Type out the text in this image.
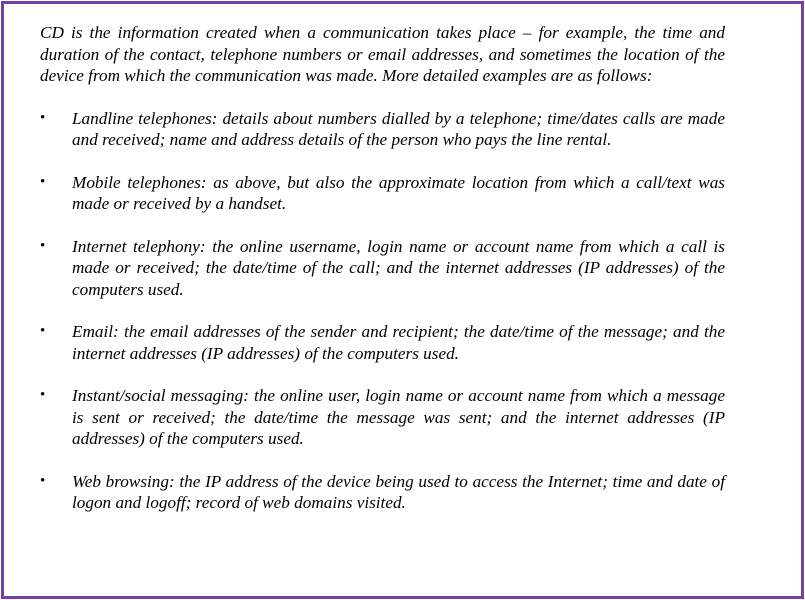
CD is the information created when a communication takes place – for example, the time and duration of the contact, telephone numbers or email addresses, and sometimes the location of the device from which the communication was made. More detailed examples are as follows:

• Landline telephones: details about numbers dialled by a telephone; time/dates calls are made and received; name and address details of the person who pays the line rental.
• Mobile telephones: as above, but also the approximate location from which a call/text was made or received by a handset.
• Internet telephony: the online username, login name or account name from which a call is made or received; the date/time of the call; and the internet addresses (IP addresses) of the computers used.
• Email: the email addresses of the sender and recipient; the date/time of the message; and the internet addresses (IP addresses) of the computers used.
• Instant/social messaging: the online user, login name or account name from which a message is sent or received; the date/time the message was sent; and the internet addresses (IP addresses) of the computers used.
• Web browsing: the IP address of the device being used to access the Internet; time and date of logon and logoff; record of web domains visited.
